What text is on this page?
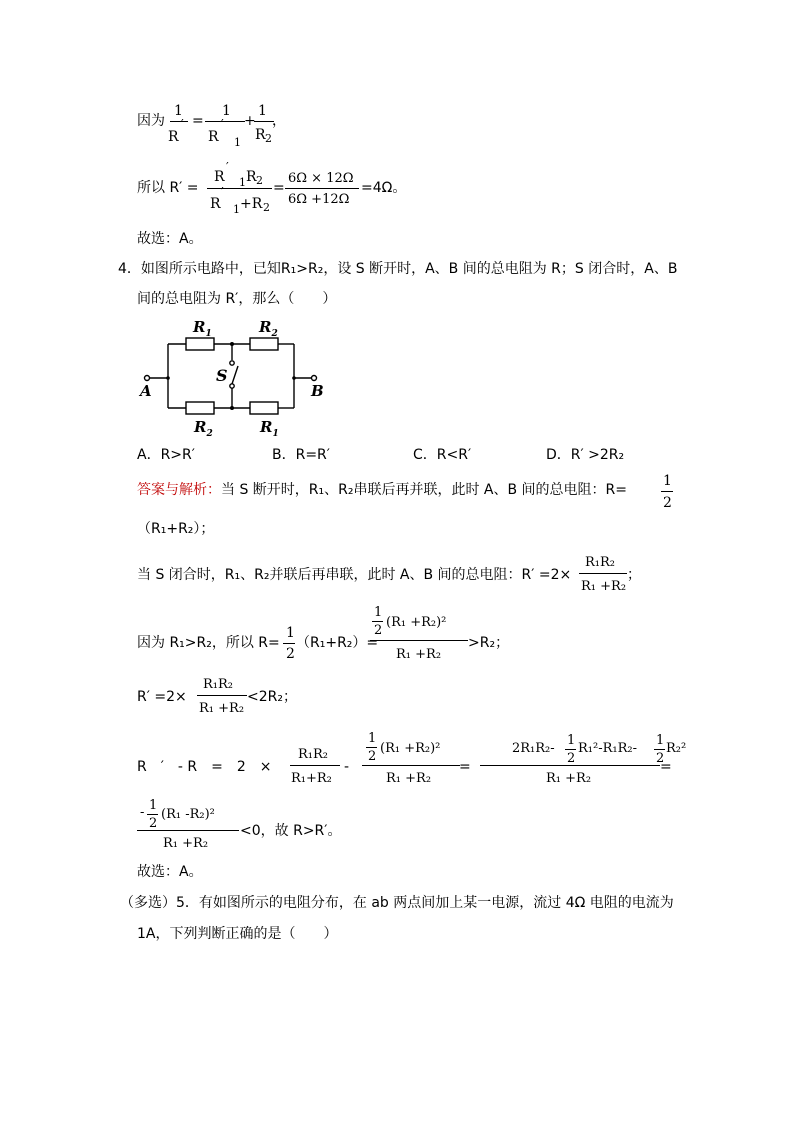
因为
1
R
′ =
1
R
′
1
+
1
R 2
，
所以 R′ =
′
R 1 R 2
R
′
1 +R 2
=
6Ω × 12Ω
6Ω +12Ω
=4Ω。
故选：A。
4．如图所示电路中，已知R₁>R₂，设 S 断开时，A、B 间的总电阻为 R；S 闭合时，A、B
间的总电阻为 R′，那么（　　）
$R_1$	$R_2$
S
A	B
$R_2$	$R_1$
A．R>R′	B．R=R′	C．R<R′	D．R′ >2R₂
答案与解析： 当 S 断开时，R₁、R₂串联后再并联，此时 A、B 间的总电阻：R=
1
2
（R₁+R₂）；
当 S 闭合时，R₁、R₂并联后再串联，此时 A、B 间的总电阻：R′ =2×
R₁R₂
R₁ +R₂
；
因为 R₁>R₂，所以 R=
1
2
（R₁+R₂）=
1
2
(R₁ +R₂)²
R₁ +R₂
>R₂；
R′ =2×
R₁R₂
R₁ +R₂
<2R₂；
R　′　- R　=　2　×
R₁R₂
R₁+R₂
-
1
2
(R₁ +R₂)²
R₁ +R₂
=
2R₁R₂-
1
2
R₁²-R₁R₂-
1
2
R₂²
R₁ +R₂
=
- 1
2
(R₁ -R₂)²
R₁ +R₂
<0，故 R>R′。
故选：A。
（多选）5．有如图所示的电阻分布，在 ab 两点间加上某一电源，流过 4Ω 电阻的电流为
1A，下列判断正确的是（　　）
